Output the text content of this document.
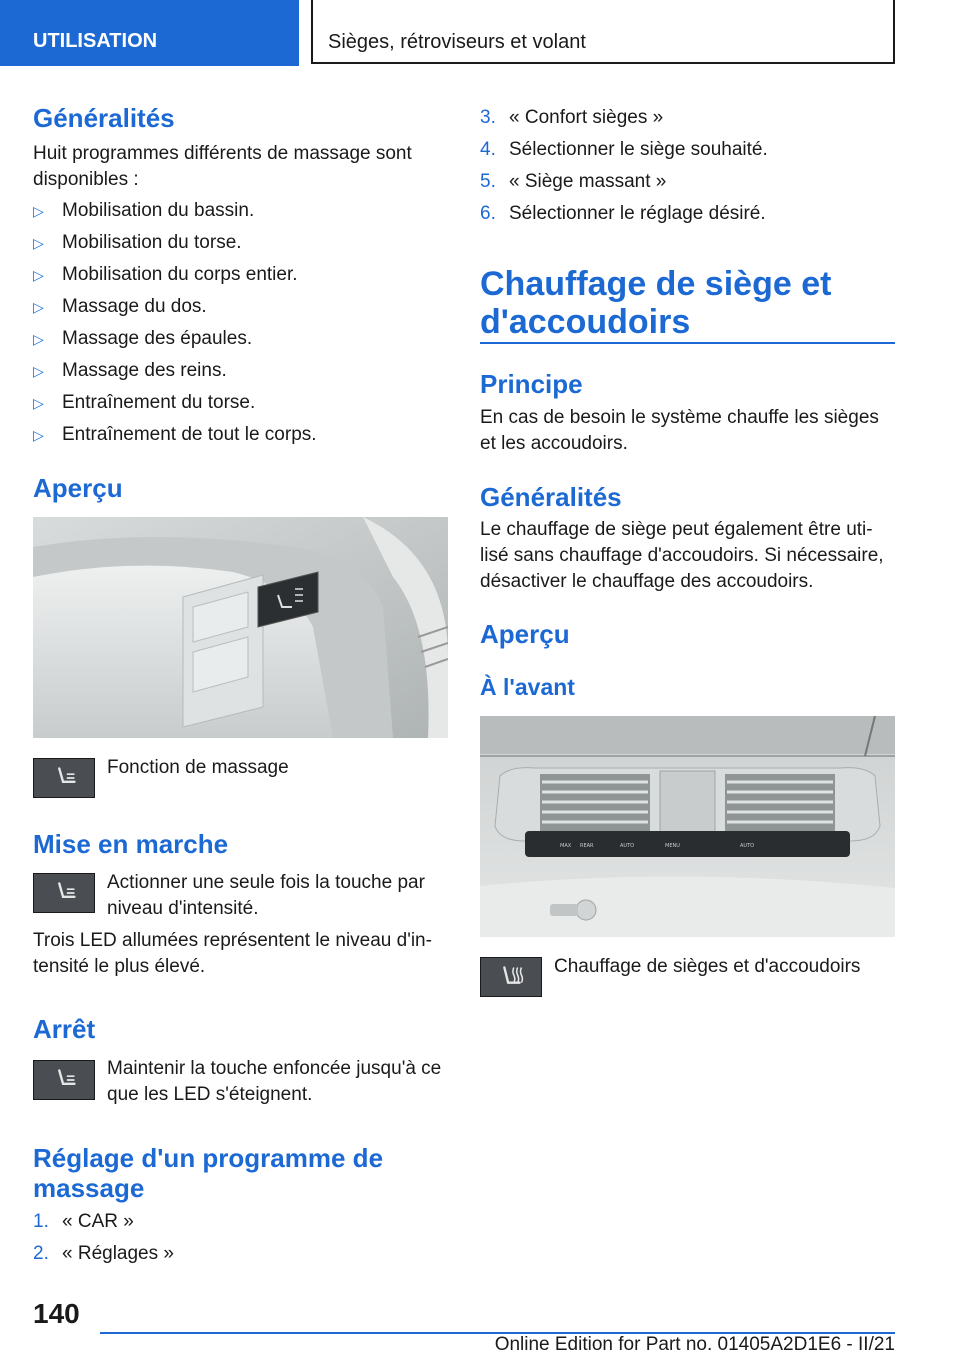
UTILISATION	Sièges, rétroviseurs et volant
Généralités

Huit programmes différents de massage sont

disponibles :

▷ Mobilisation du bassin.
▷ Mobilisation du torse.
▷ Mobilisation du corps entier.
▷ Massage du dos.
▷ Massage des épaules.
▷ Massage des reins.
▷ Entraînement du torse.
▷ Entraînement de tout le corps.
Aperçu

Fonction de massage

Mise en marche

Actionner une seule fois la touche par

niveau d'intensité.

Trois LED allumées représentent le niveau d'in‐

tensité le plus élevé.

Arrêt

Maintenir la touche enfoncée jusqu'à ce

que les LED s'éteignent.

Réglage d'un programme de
massage
1. « CAR »
2. « Réglages »
3. « Confort sièges »
4. Sélectionner le siège souhaité.
5. « Siège massant »
6. Sélectionner le réglage désiré.
Chauffage de siège et
d'accoudoirs
Principe

En cas de besoin le système chauffe les sièges

et les accoudoirs.

Généralités

Le chauffage de siège peut également être uti‐

lisé sans chauffage d'accoudoirs. Si nécessaire,

désactiver le chauffage des accoudoirs.

Aperçu
À l'avant
MAX REAR	AUTO	MENU	AUTO

Chauffage de sièges et d'accoudoirs

140
Online Edition for Part no. 01405A2D1E6 - II/21
